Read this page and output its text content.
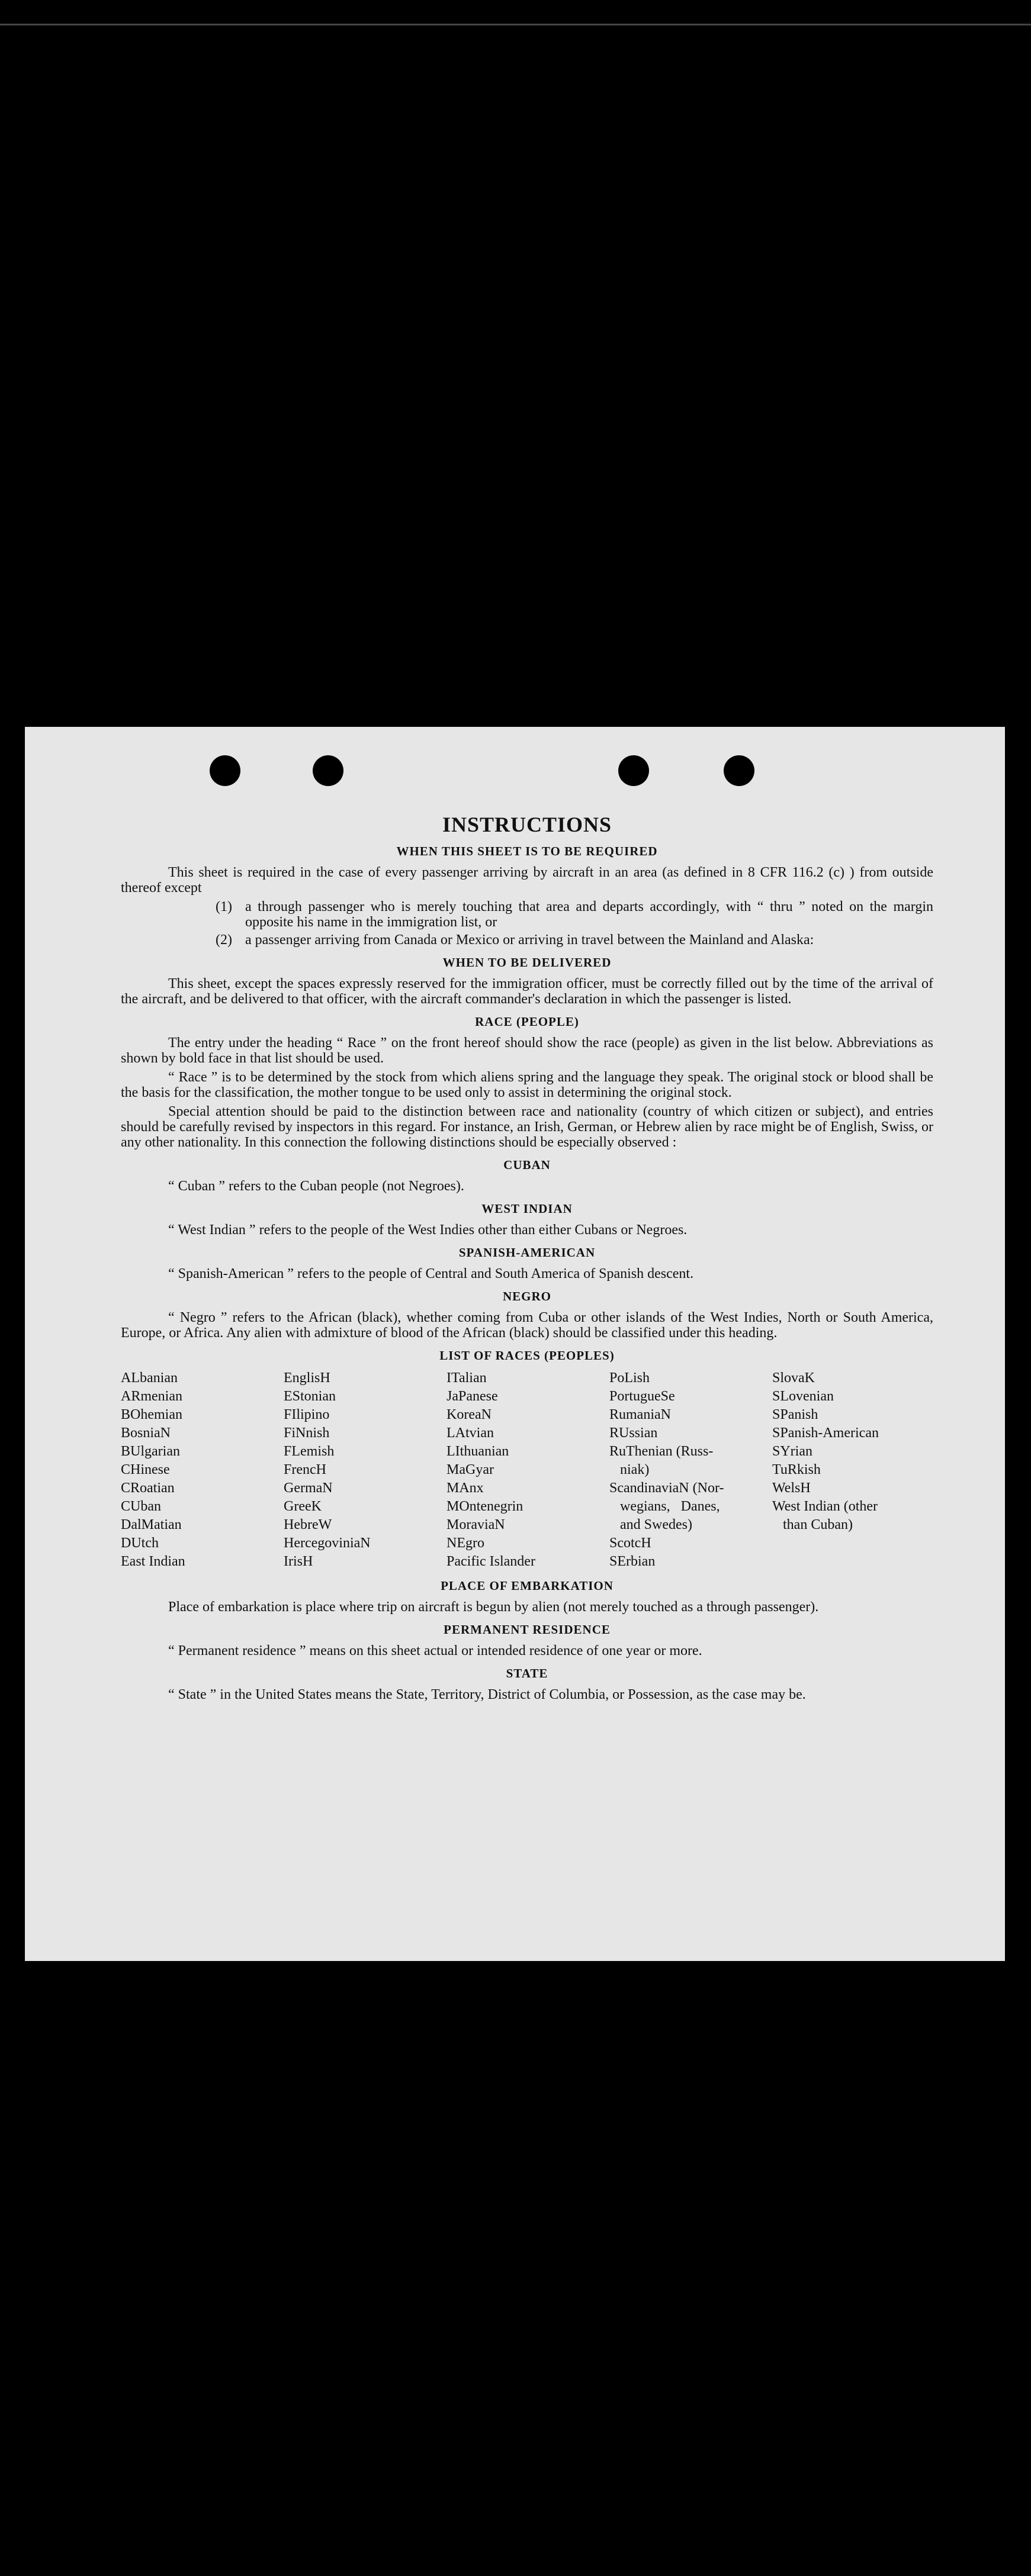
INSTRUCTIONS
WHEN THIS SHEET IS TO BE REQUIRED

This sheet is required in the case of every passenger arriving by aircraft in an area (as defined in 8 CFR 116.2 (c) ) from outside thereof except

(1) a through passenger who is merely touching that area and departs accordingly, with “ thru ” noted on the margin opposite his name in the immigration list, or
(2) a passenger arriving from Canada or Mexico or arriving in travel between the Mainland and Alaska:
WHEN TO BE DELIVERED

This sheet, except the spaces expressly reserved for the immigration officer, must be correctly filled out by the time of the arrival of the aircraft, and be delivered to that officer, with the aircraft commander's declaration in which the passenger is listed.

RACE (PEOPLE)

The entry under the heading “ Race ” on the front hereof should show the race (people) as given in the list below. Abbreviations as shown by bold face in that list should be used.

“ Race ” is to be determined by the stock from which aliens spring and the language they speak. The original stock or blood shall be the basis for the classification, the mother tongue to be used only to assist in determining the original stock.

Special attention should be paid to the distinction between race and nationality (country of which citizen or subject), and entries should be carefully revised by inspectors in this regard. For instance, an Irish, German, or Hebrew alien by race might be of English, Swiss, or any other nationality. In this connection the following distinctions should be especially observed :

CUBAN

“ Cuban ” refers to the Cuban people (not Negroes).

WEST INDIAN

“ West Indian ” refers to the people of the West Indies other than either Cubans or Negroes.

SPANISH-AMERICAN

“ Spanish-American ” refers to the people of Central and South America of Spanish descent.

NEGRO

“ Negro ” refers to the African (black), whether coming from Cuba or other islands of the West Indies, North or South America, Europe, or Africa. Any alien with admixture of blood of the African (black) should be classified under this heading.

LIST OF RACES (PEOPLES)
ALbanian
ARmenian
BOhemian
BosniaN
BUlgarian
CHinese
CRoatian
CUban
DalMatian
DUtch
East Indian
EnglisH
EStonian
FIlipino
FiNnish
FLemish
FrencH
GermaN
GreeK
HebreW
HercegoviniaN
IrisH
ITalian
JaPanese
KoreaN
LAtvian
LIthuanian
MaGyar
MAnx
MOntenegrin
MoraviaN
NEgro
Pacific Islander
PoLish
PortugueSe
RumaniaN
RUssian
RuThenian (Russ-
niak)
ScandinaviaN (Nor-
wegians,   Danes,
and Swedes)
ScotcH
SErbian
SlovaK
SLovenian
SPanish
SPanish-American
SYrian
TuRkish
WelsH
West Indian (other
than Cuban)
PLACE OF EMBARKATION

Place of embarkation is place where trip on aircraft is begun by alien (not merely touched as a through passenger).

PERMANENT RESIDENCE

“ Permanent residence ” means on this sheet actual or intended residence of one year or more.

STATE

“ State ” in the United States means the State, Territory, District of Columbia, or Possession, as the case may be.
